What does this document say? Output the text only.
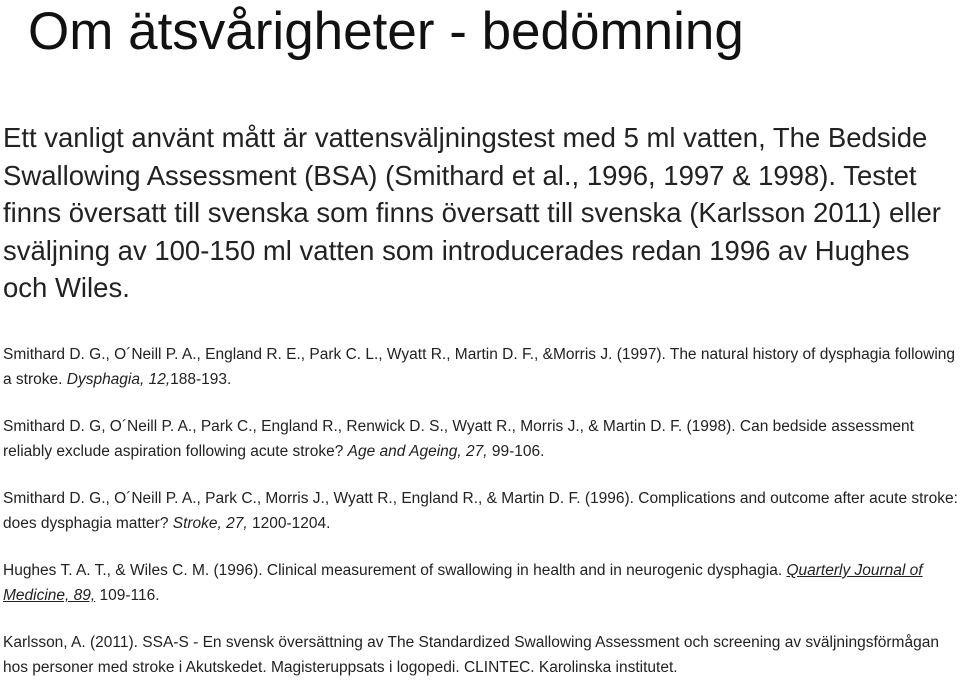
Om ätsvårigheter - bedömning
Ett vanligt använt mått är vattensväljningstest med 5 ml vatten, The Bedside Swallowing Assessment (BSA) (Smithard et al., 1996, 1997 & 1998). Testet finns översatt till svenska som finns översatt till svenska (Karlsson 2011) eller sväljning av 100-150 ml vatten som introducerades redan 1996 av Hughes och Wiles.
Smithard D. G., O´Neill P. A., England R. E., Park C. L., Wyatt R., Martin D. F., &Morris J. (1997). The natural history of dysphagia following a stroke. Dysphagia, 12,188-193.
Smithard D. G, O´Neill P. A., Park C., England R., Renwick D. S., Wyatt R., Morris J., & Martin D. F. (1998). Can bedside assessment reliably exclude aspiration following acute stroke? Age and Ageing, 27, 99-106.
Smithard D. G., O´Neill P. A., Park C., Morris J., Wyatt R., England R., & Martin D. F. (1996). Complications and outcome after acute stroke: does dysphagia matter? Stroke, 27, 1200-1204.
Hughes T. A. T., & Wiles C. M. (1996). Clinical measurement of swallowing in health and in neurogenic dysphagia. Quarterly Journal of Medicine, 89, 109-116.
Karlsson, A. (2011). SSA-S - En svensk översättning av The Standardized Swallowing Assessment och screening av sväljningsförmågan hos personer med stroke i Akutskedet. Magisteruppsats i logopedi. CLINTEC. Karolinska institutet.
